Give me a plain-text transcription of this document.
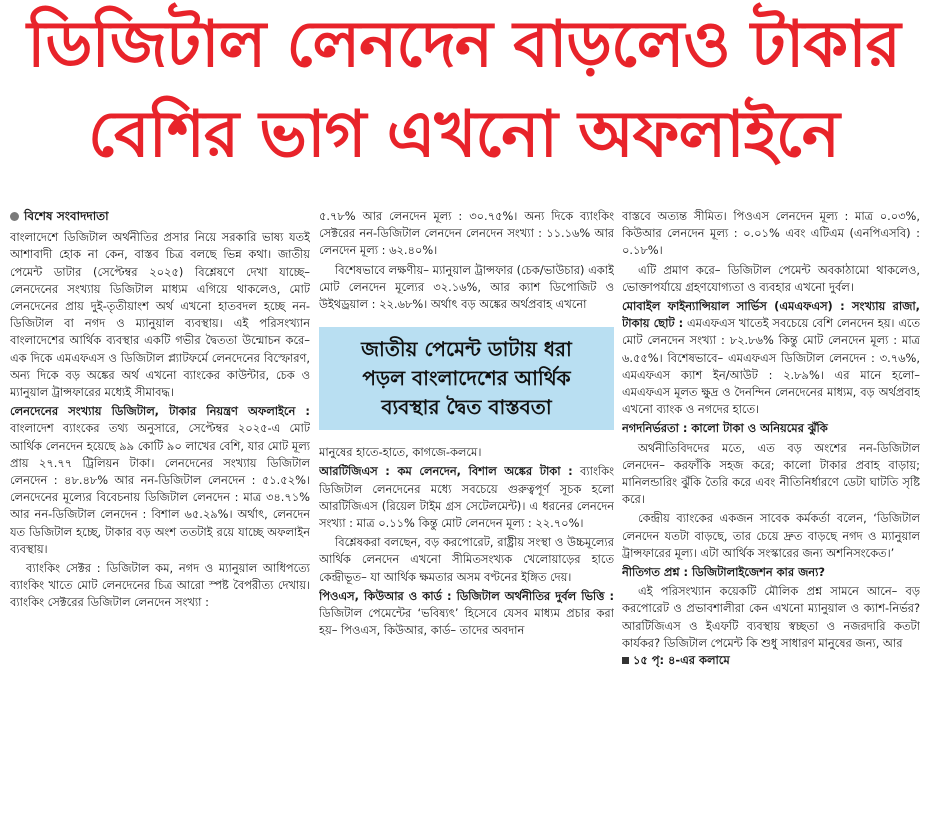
ডিজিটাল লেনদেন বাড়লেও টাকার
বেশির ভাগ এখনো অফলাইনে

বিশেষ সংবাদদাতা

বাংলাদেশে ডিজিটাল অর্থনীতির প্রসার নিয়ে সরকারি ভাষ্য যতই আশাবাদী হোক না কেন, বাস্তব চিত্র বলছে ভিন্ন কথা। জাতীয় পেমেন্ট ডাটার (সেপ্টেম্বর ২০২৫) বিশ্লেষণে দেখা যাচ্ছে– লেনদেনের সংখ্যায় ডিজিটাল মাধ্যম এগিয়ে থাকলেও, মোট লেনদেনের প্রায় দুই-তৃতীয়াংশ অর্থ এখনো হাতবদল হচ্ছে নন-ডিজিটাল বা নগদ ও ম্যানুয়াল ব্যবস্থায়। এই পরিসংখ্যান বাংলাদেশের আর্থিক ব্যবস্থার একটি গভীর দ্বৈততা উন্মোচন করে– এক দিকে এমএফএস ও ডিজিটাল প্ল্যাটফর্মে লেনদেনের বিস্ফোরণ, অন্য দিকে বড় অঙ্কের অর্থ এখনো ব্যাংকের কাউন্টার, চেক ও ম্যানুয়াল ট্রান্সফারের মধ্যেই সীমাবদ্ধ।

লেনদেনের সংখ্যায় ডিজিটাল, টাকার নিয়ন্ত্রণ অফলাইনে : বাংলাদেশ ব্যাংকের তথ্য অনুসারে, সেপ্টেম্বর ২০২৫-এ মোট আর্থিক লেনদেন হয়েছে ৯৯ কোটি ৯০ লাখের বেশি, যার মোট মূল্য প্রায় ২৭.৭৭ ট্রিলিয়ন টাকা। লেনদেনের সংখ্যায় ডিজিটাল লেনদেন : ৪৮.৪৮% আর নন-ডিজিটাল লেনদেন : ৫১.৫২%। লেনদেনের মূল্যের বিবেচনায় ডিজিটাল লেনদেন : মাত্র ৩৪.৭১% আর নন-ডিজিটাল লেনদেন : বিশাল ৬৫.২৯%। অর্থাৎ, লেনদেন যত ডিজিটাল হচ্ছে, টাকার বড় অংশ ততটাই রয়ে যাচ্ছে অফলাইন ব্যবস্থায়।

ব্যাংকিং সেক্টর : ডিজিটাল কম, নগদ ও ম্যানুয়াল আধিপত্যে ব্যাংকিং খাতে মোট লেনদেনের চিত্র আরো স্পষ্ট বৈপরীত্য দেখায়। ব্যাংকিং সেক্টরের ডিজিটাল লেনদেন সংখ্যা :

৫.৭৮% আর লেনদেন মূল্য : ৩০.৭৫%। অন্য দিকে ব্যাংকিং সেক্টরের নন-ডিজিটাল লেনদেন লেনদেন সংখ্যা : ১১.১৬% আর লেনদেন মূল্য : ৬২.৪০%।

বিশেষভাবে লক্ষণীয়– ম্যানুয়াল ট্রান্সফার (চেক/ভাউচার) একাই মোট লেনদেন মূল্যের ৩২.১৬%, আর ক্যাশ ডিপোজিট ও উইথড্রয়াল : ২২.৬৮%। অর্থাৎ বড় অঙ্কের অর্থপ্রবাহ এখনো

জাতীয় পেমেন্ট ডাটায় ধরা
পড়ল বাংলাদেশের আর্থিক
ব্যবস্থার দ্বৈত বাস্তবতা

মানুষের হাতে-হাতে, কাগজে-কলমে।

আরটিজিএস : কম লেনদেন, বিশাল অঙ্কের টাকা : ব্যাংকিং ডিজিটাল লেনদেনের মধ্যে সবচেয়ে গুরুত্বপূর্ণ সূচক হলো আরটিজিএস (রিয়েল টাইম গ্রস সেটেলমেন্ট)। এ ধরনের লেনদেন সংখ্যা : মাত্র ০.১১% কিন্তু মোট লেনদেন মূল্য : ২২.৭০%।

বিশ্লেষকরা বলছেন, বড় করপোরেট, রাষ্ট্রীয় সংস্থা ও উচ্চমূল্যের আর্থিক লেনদেন এখনো সীমিতসংখ্যক খেলোয়াড়ের হাতে কেন্দ্রীভূত– যা আর্থিক ক্ষমতার অসম বণ্টনের ইঙ্গিত দেয়।

পিওএস, কিউআর ও কার্ড : ডিজিটাল অর্থনীতির দুর্বল ভিত্তি : ডিজিটাল পেমেন্টের ‘ভবিষ্যৎ’ হিসেবে যেসব মাধ্যম প্রচার করা হয়– পিওএস, কিউআর, কার্ড– তাদের অবদান

বাস্তবে অত্যন্ত সীমিত। পিওএস লেনদেন মূল্য : মাত্র ০.০৩%, কিউআর লেনদেন মূল্য : ০.০১% এবং এটিএম (এনপিএসবি) : ০.১৮%।

এটি প্রমাণ করে– ডিজিটাল পেমেন্ট অবকাঠামো থাকলেও, ভোক্তাপর্যায়ে গ্রহণযোগ্যতা ও ব্যবহার এখনো দুর্বল।

মোবাইল ফাইন্যান্সিয়াল সার্ভিস (এমএফএস) : সংখ্যায় রাজা, টাকায় ছোট : এমএফএস খাতেই সবচেয়ে বেশি লেনদেন হয়। এতে মোট লেনদেন সংখ্যা : ৮২.৮৬% কিন্তু মোট লেনদেন মূল্য : মাত্র ৬.৫৫%। বিশেষভাবে– এমএফএস ডিজিটাল লেনদেন : ৩.৭৬%, এমএফএস ক্যাশ ইন/আউট : ২.৮৯%। এর মানে হলো– এমএফএস মূলত ক্ষুদ্র ও দৈনন্দিন লেনদেনের মাধ্যম, বড় অর্থপ্রবাহ এখনো ব্যাংক ও নগদের হাতে।

নগদনির্ভরতা : কালো টাকা ও অনিয়মের ঝুঁকি

অর্থনীতিবিদদের মতে, এত বড় অংশের নন-ডিজিটাল লেনদেন– করফাঁকি সহজ করে; কালো টাকার প্রবাহ বাড়ায়; মানিলন্ডারিং ঝুঁকি তৈরি করে এবং নীতিনির্ধারণে ডেটা ঘাটতি সৃষ্টি করে।

কেন্দ্রীয় ব্যাংকের একজন সাবেক কর্মকর্তা বলেন, ‘ডিজিটাল লেনদেন যতটা বাড়ছে, তার চেয়ে দ্রুত বাড়ছে নগদ ও ম্যানুয়াল ট্রান্সফারের মূল্য। এটা আর্থিক সংস্কারের জন্য অশনিসংকেত।’

নীতিগত প্রশ্ন : ডিজিটালাইজেশন কার জন্য?

এই পরিসংখ্যান কয়েকটি মৌলিক প্রশ্ন সামনে আনে– বড় করপোরেট ও প্রভাবশালীরা কেন এখনো ম্যানুয়াল ও ক্যাশ-নির্ভর? আরটিজিএস ও ইএফটি ব্যবস্থায় স্বচ্ছতা ও নজরদারি কতটা কার্যকর? ডিজিটাল পেমেন্ট কি শুধু সাধারণ মানুষের জন্য, আর

১৫ পৃ: ৪-এর কলামে
